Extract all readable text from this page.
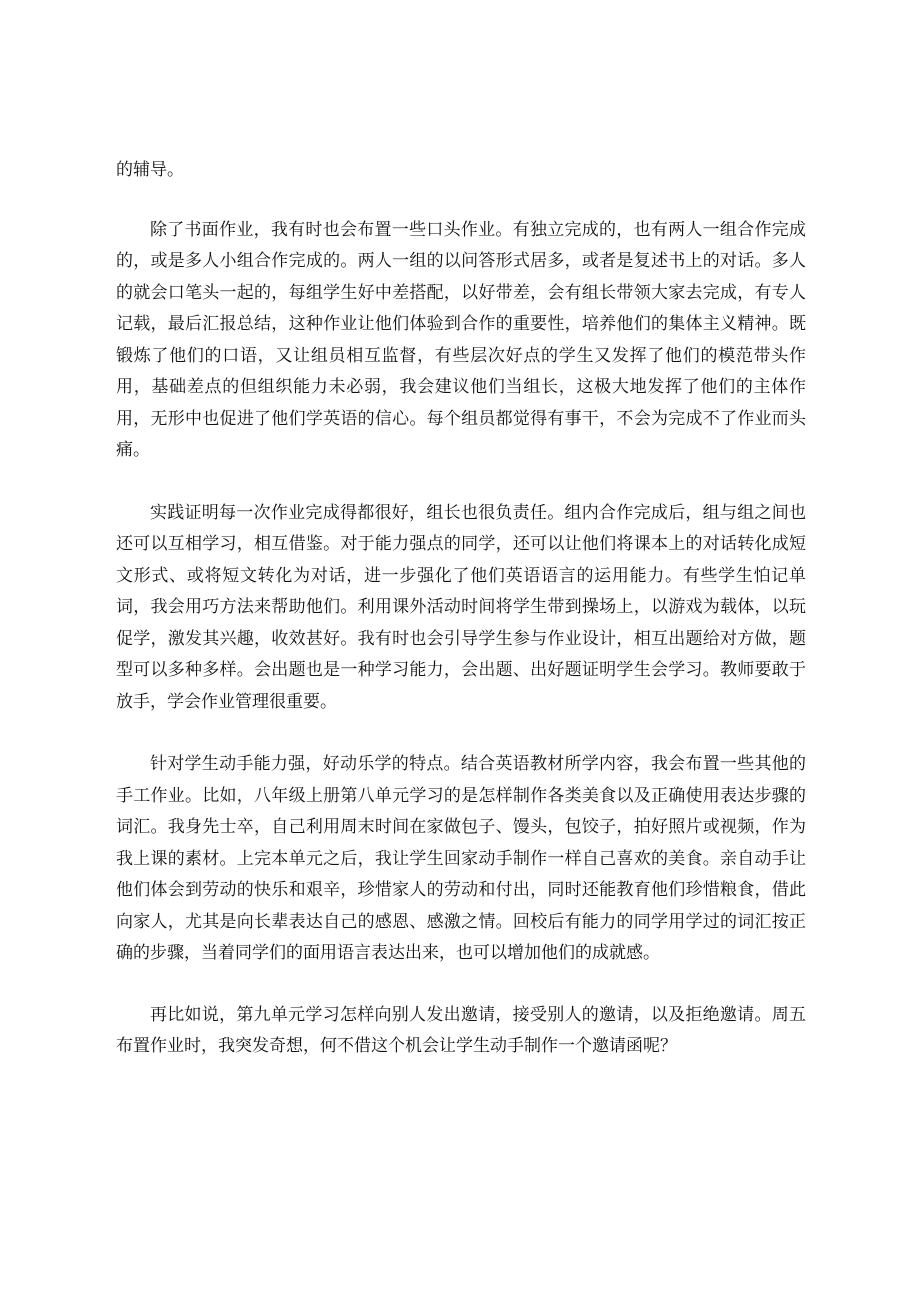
的辅导。

除了书面作业，我有时也会布置一些口头作业。有独立完成的，也有两人一组合作完成的，或是多人小组合作完成的。两人一组的以问答形式居多，或者是复述书上的对话。多人的就会口笔头一起的，每组学生好中差搭配，以好带差，会有组长带领大家去完成，有专人记载，最后汇报总结，这种作业让他们体验到合作的重要性，培养他们的集体主义精神。既锻炼了他们的口语，又让组员相互监督，有些层次好点的学生又发挥了他们的模范带头作用，基础差点的但组织能力未必弱，我会建议他们当组长，这极大地发挥了他们的主体作用，无形中也促进了他们学英语的信心。每个组员都觉得有事干，不会为完成不了作业而头痛。

实践证明每一次作业完成得都很好，组长也很负责任。组内合作完成后，组与组之间也还可以互相学习，相互借鉴。对于能力强点的同学，还可以让他们将课本上的对话转化成短文形式、或将短文转化为对话，进一步强化了他们英语语言的运用能力。有些学生怕记单词，我会用巧方法来帮助他们。利用课外活动时间将学生带到操场上，以游戏为载体，以玩促学，激发其兴趣，收效甚好。我有时也会引导学生参与作业设计，相互出题给对方做，题型可以多种多样。会出题也是一种学习能力，会出题、出好题证明学生会学习。教师要敢于放手，学会作业管理很重要。

针对学生动手能力强，好动乐学的特点。结合英语教材所学内容，我会布置一些其他的手工作业。比如，八年级上册第八单元学习的是怎样制作各类美食以及正确使用表达步骤的词汇。我身先士卒，自己利用周末时间在家做包子、馒头，包饺子，拍好照片或视频，作为我上课的素材。上完本单元之后，我让学生回家动手制作一样自己喜欢的美食。亲自动手让他们体会到劳动的快乐和艰辛，珍惜家人的劳动和付出，同时还能教育他们珍惜粮食，借此向家人，尤其是向长辈表达自己的感恩、感激之情。回校后有能力的同学用学过的词汇按正确的步骤，当着同学们的面用语言表达出来，也可以增加他们的成就感。

再比如说，第九单元学习怎样向别人发出邀请，接受别人的邀请，以及拒绝邀请。周五布置作业时，我突发奇想，何不借这个机会让学生动手制作一个邀请函呢？
